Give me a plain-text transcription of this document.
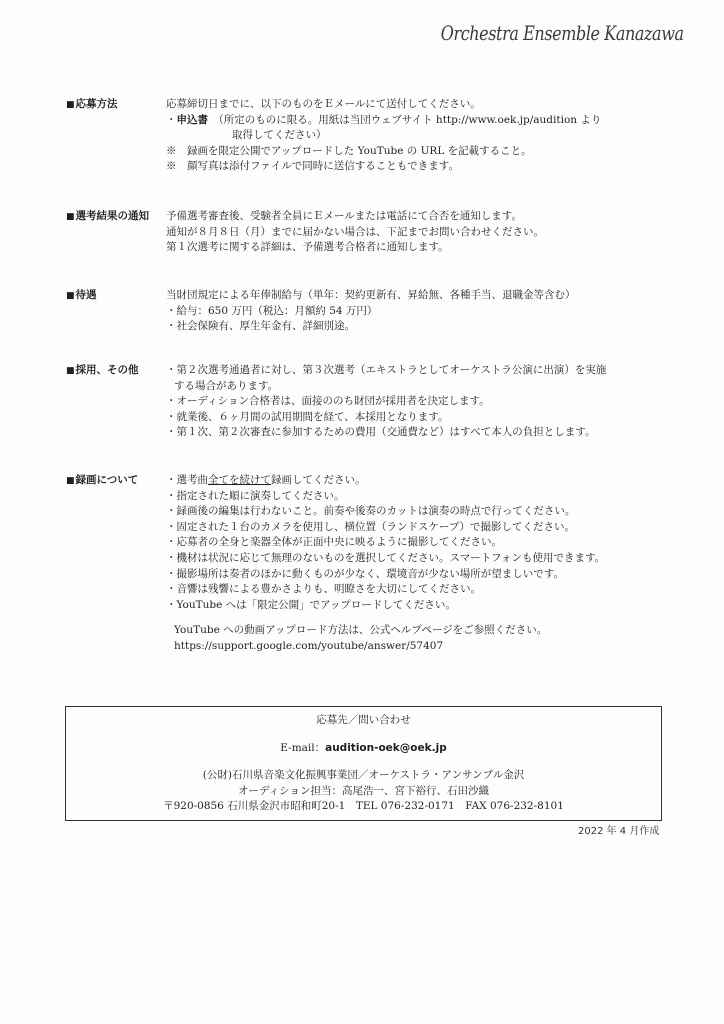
Orchestra Ensemble Kanazawa
■応募方法	応募締切日までに、以下のものをＥメールにて送付してください。
・申込書　 （所定のものに限る。用紙は当団ウェブサイト http://www.oek.jp/audition より
取得してください）
※　録画を限定公開でアップロードした YouTube の URL を記載すること。
※　顔写真は添付ファイルで同時に送信することもできます。
■選考結果の通知	予備選考審査後、受験者全員にＥメールまたは電話にて合否を通知します。
通知が８月８日（月）までに届かない場合は、下記までお問い合わせください。
第１次選考に関する詳細は、予備選考合格者に通知します。
■待遇	当財団規定による年俸制給与（単年：契約更新有、昇給無、各種手当、退職金等含む）
・給与：650 万円（税込：月額約 54 万円）
・社会保険有、厚生年金有、詳細別途。
■採用、その他	・第２次選考通過者に対し、第３次選考（エキストラとしてオーケストラ公演に出演）を実施
する場合があります。
・オーディション合格者は、面接ののち財団が採用者を決定します。
・就業後、６ヶ月間の試用期間を経て、本採用となります。
・第１次、第２次審査に参加するための費用（交通費など）はすべて本人の負担とします。
■録画について	・選考曲全てを続けて録画してください。
・指定された順に演奏してください。
・録画後の編集は行わないこと。前奏や後奏のカットは演奏の時点で行ってください。
・固定された１台のカメラを使用し、横位置（ランドスケープ）で撮影してください。
・応募者の全身と楽器全体が正面中央に映るように撮影してください。
・機材は状況に応じて無理のないものを選択してください。スマートフォンも使用できます。
・撮影場所は奏者のほかに動くものが少なく、環境音が少ない場所が望ましいです。
・音響は残響による豊かさよりも、明瞭さを大切にしてください。
・YouTube へは「限定公開」でアップロードしてください。
YouTube への動画アップロード方法は、公式ヘルプページをご参照ください。
https://support.google.com/youtube/answer/57407
応募先／問い合わせ
E-mail：audition-oek@oek.jp
(公財)石川県音楽文化振興事業団／オーケストラ・アンサンブル金沢
オーディション担当：高尾浩一、宮下裕行、石田沙織
〒920-0856 石川県金沢市昭和町20-1　TEL 076-232-0171　FAX 076-232-8101
2022 年 4 月作成
